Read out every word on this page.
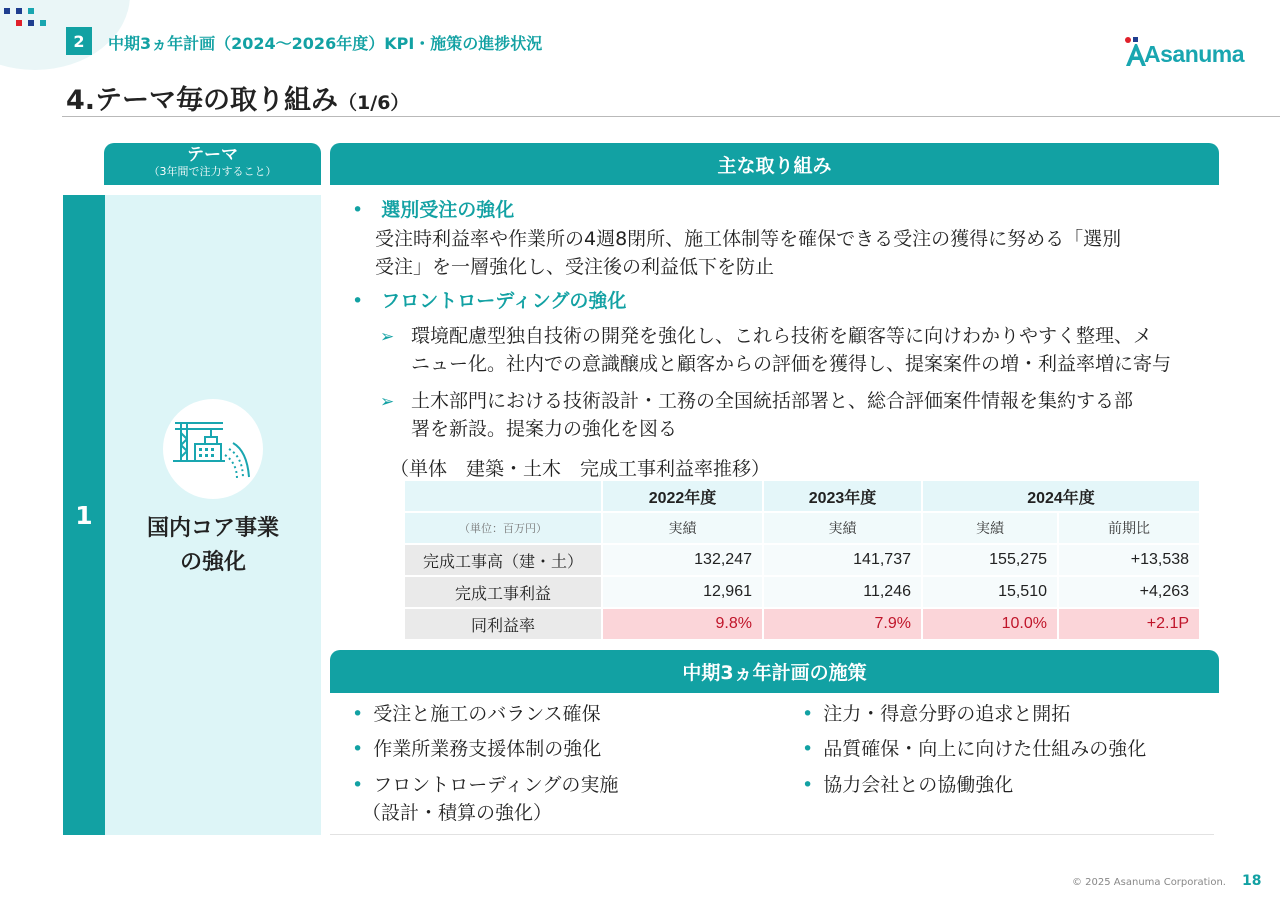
2	中期3ヵ年計画（2024～2026年度）KPI・施策の進捗状況	Asanuma
4.テーマ毎の取り組み（1/6）
テーマ
（3年間で注力すること）	主な取り組み
1	国内コア事業
の強化
• 選別受注の強化
受注時利益率や作業所の4週8閉所、施工体制等を確保できる受注の獲得に努める「選別
受注」を一層強化し、受注後の利益低下を防止
• フロントローディングの強化
➢ 環境配慮型独自技術の開発を強化し、これら技術を顧客等に向けわかりやすく整理、メ
ニュー化。社内での意識醸成と顧客からの評価を獲得し、提案案件の増・利益率増に寄与
➢ 土木部門における技術設計・工務の全国統括部署と、総合評価案件情報を集約する部
署を新設。提案力の強化を図る
（単体　建築・土木　完成工事利益率推移）
	2022年度	2023年度	2024年度	
（単位：百万円）	実績	実績	実績	前期比
完成工事高（建・土）	132,247	141,737	155,275	+13,538
完成工事利益	12,961	11,246	15,510	+4,263
同利益率	9.8%	7.9%	10.0%	+2.1P
中期3ヵ年計画の施策
• 受注と施工のバランス確保
• 作業所業務支援体制の強化
• フロントローディングの実施
（設計・積算の強化）
• 注力・得意分野の追求と開拓
• 品質確保・向上に向けた仕組みの強化
• 協力会社との協働強化
© 2025 Asanuma Corporation. 18
